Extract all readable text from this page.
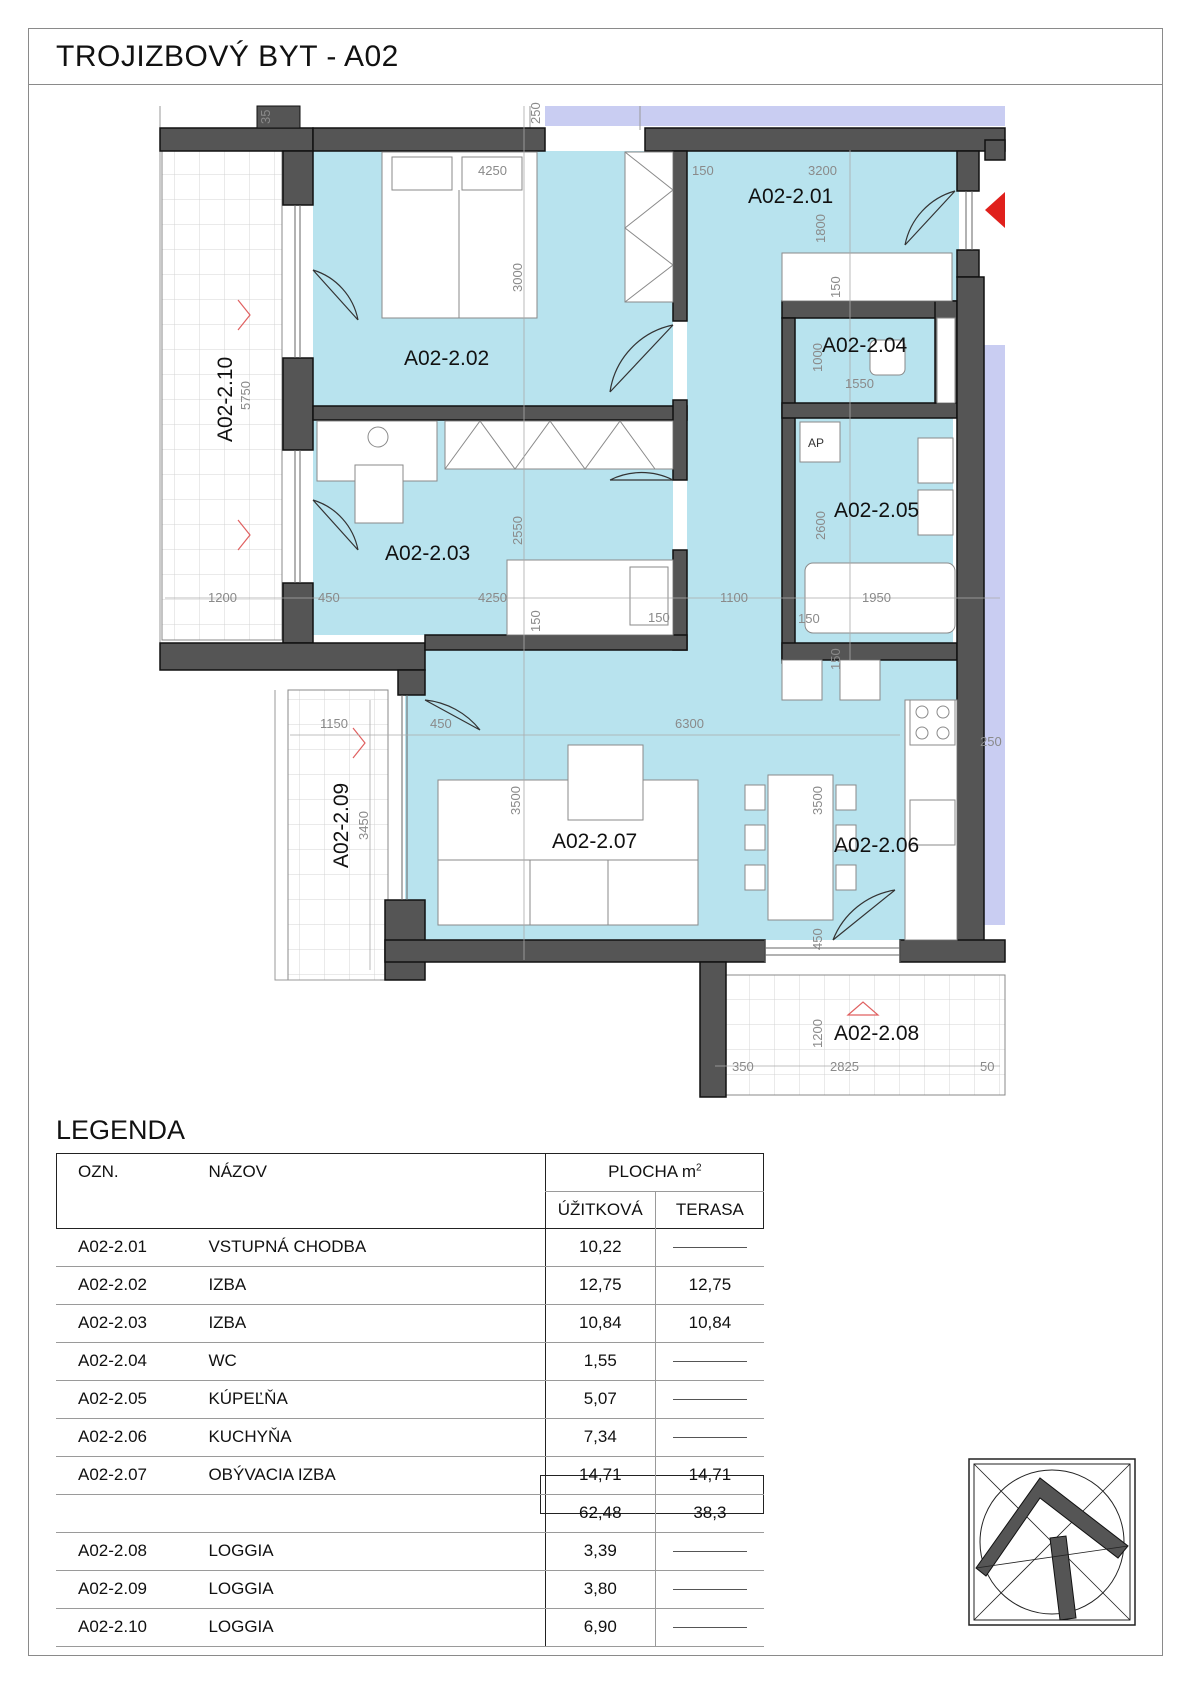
TROJIZBOVÝ BYT - A02
4250
3000
150	3200
1800
150
1000
1550
2600
1950
150
5750
1200	450	4250
2550
150	150
1100
150
1150	450	6300
3450
3500	3500
450
250
1200
350	2825	50
250
35
AP
A02-2.01
A02-2.02
A02-2.03
A02-2.04
A02-2.05
A02-2.06
A02-2.07
A02-2.08
A02-2.09
A02-2.10
LEGENDA
OZN.	NÁZOV	PLOCHA $m^2$
		ÚŽITKOVÁ	TERASA
A02-2.01	VSTUPNÁ CHODBA	10,22	
A02-2.02	IZBA	12,75	12,75
A02-2.03	IZBA	10,84	10,84
A02-2.04	WC	1,55	
A02-2.05	KÚPEĽŇA	5,07	
A02-2.06	KUCHYŇA	7,34	
A02-2.07	OBÝVACIA IZBA	14,71	14,71
		62,48	38,3
A02-2.08	LOGGIA	3,39	
A02-2.09	LOGGIA	3,80	
A02-2.10	LOGGIA	6,90	
